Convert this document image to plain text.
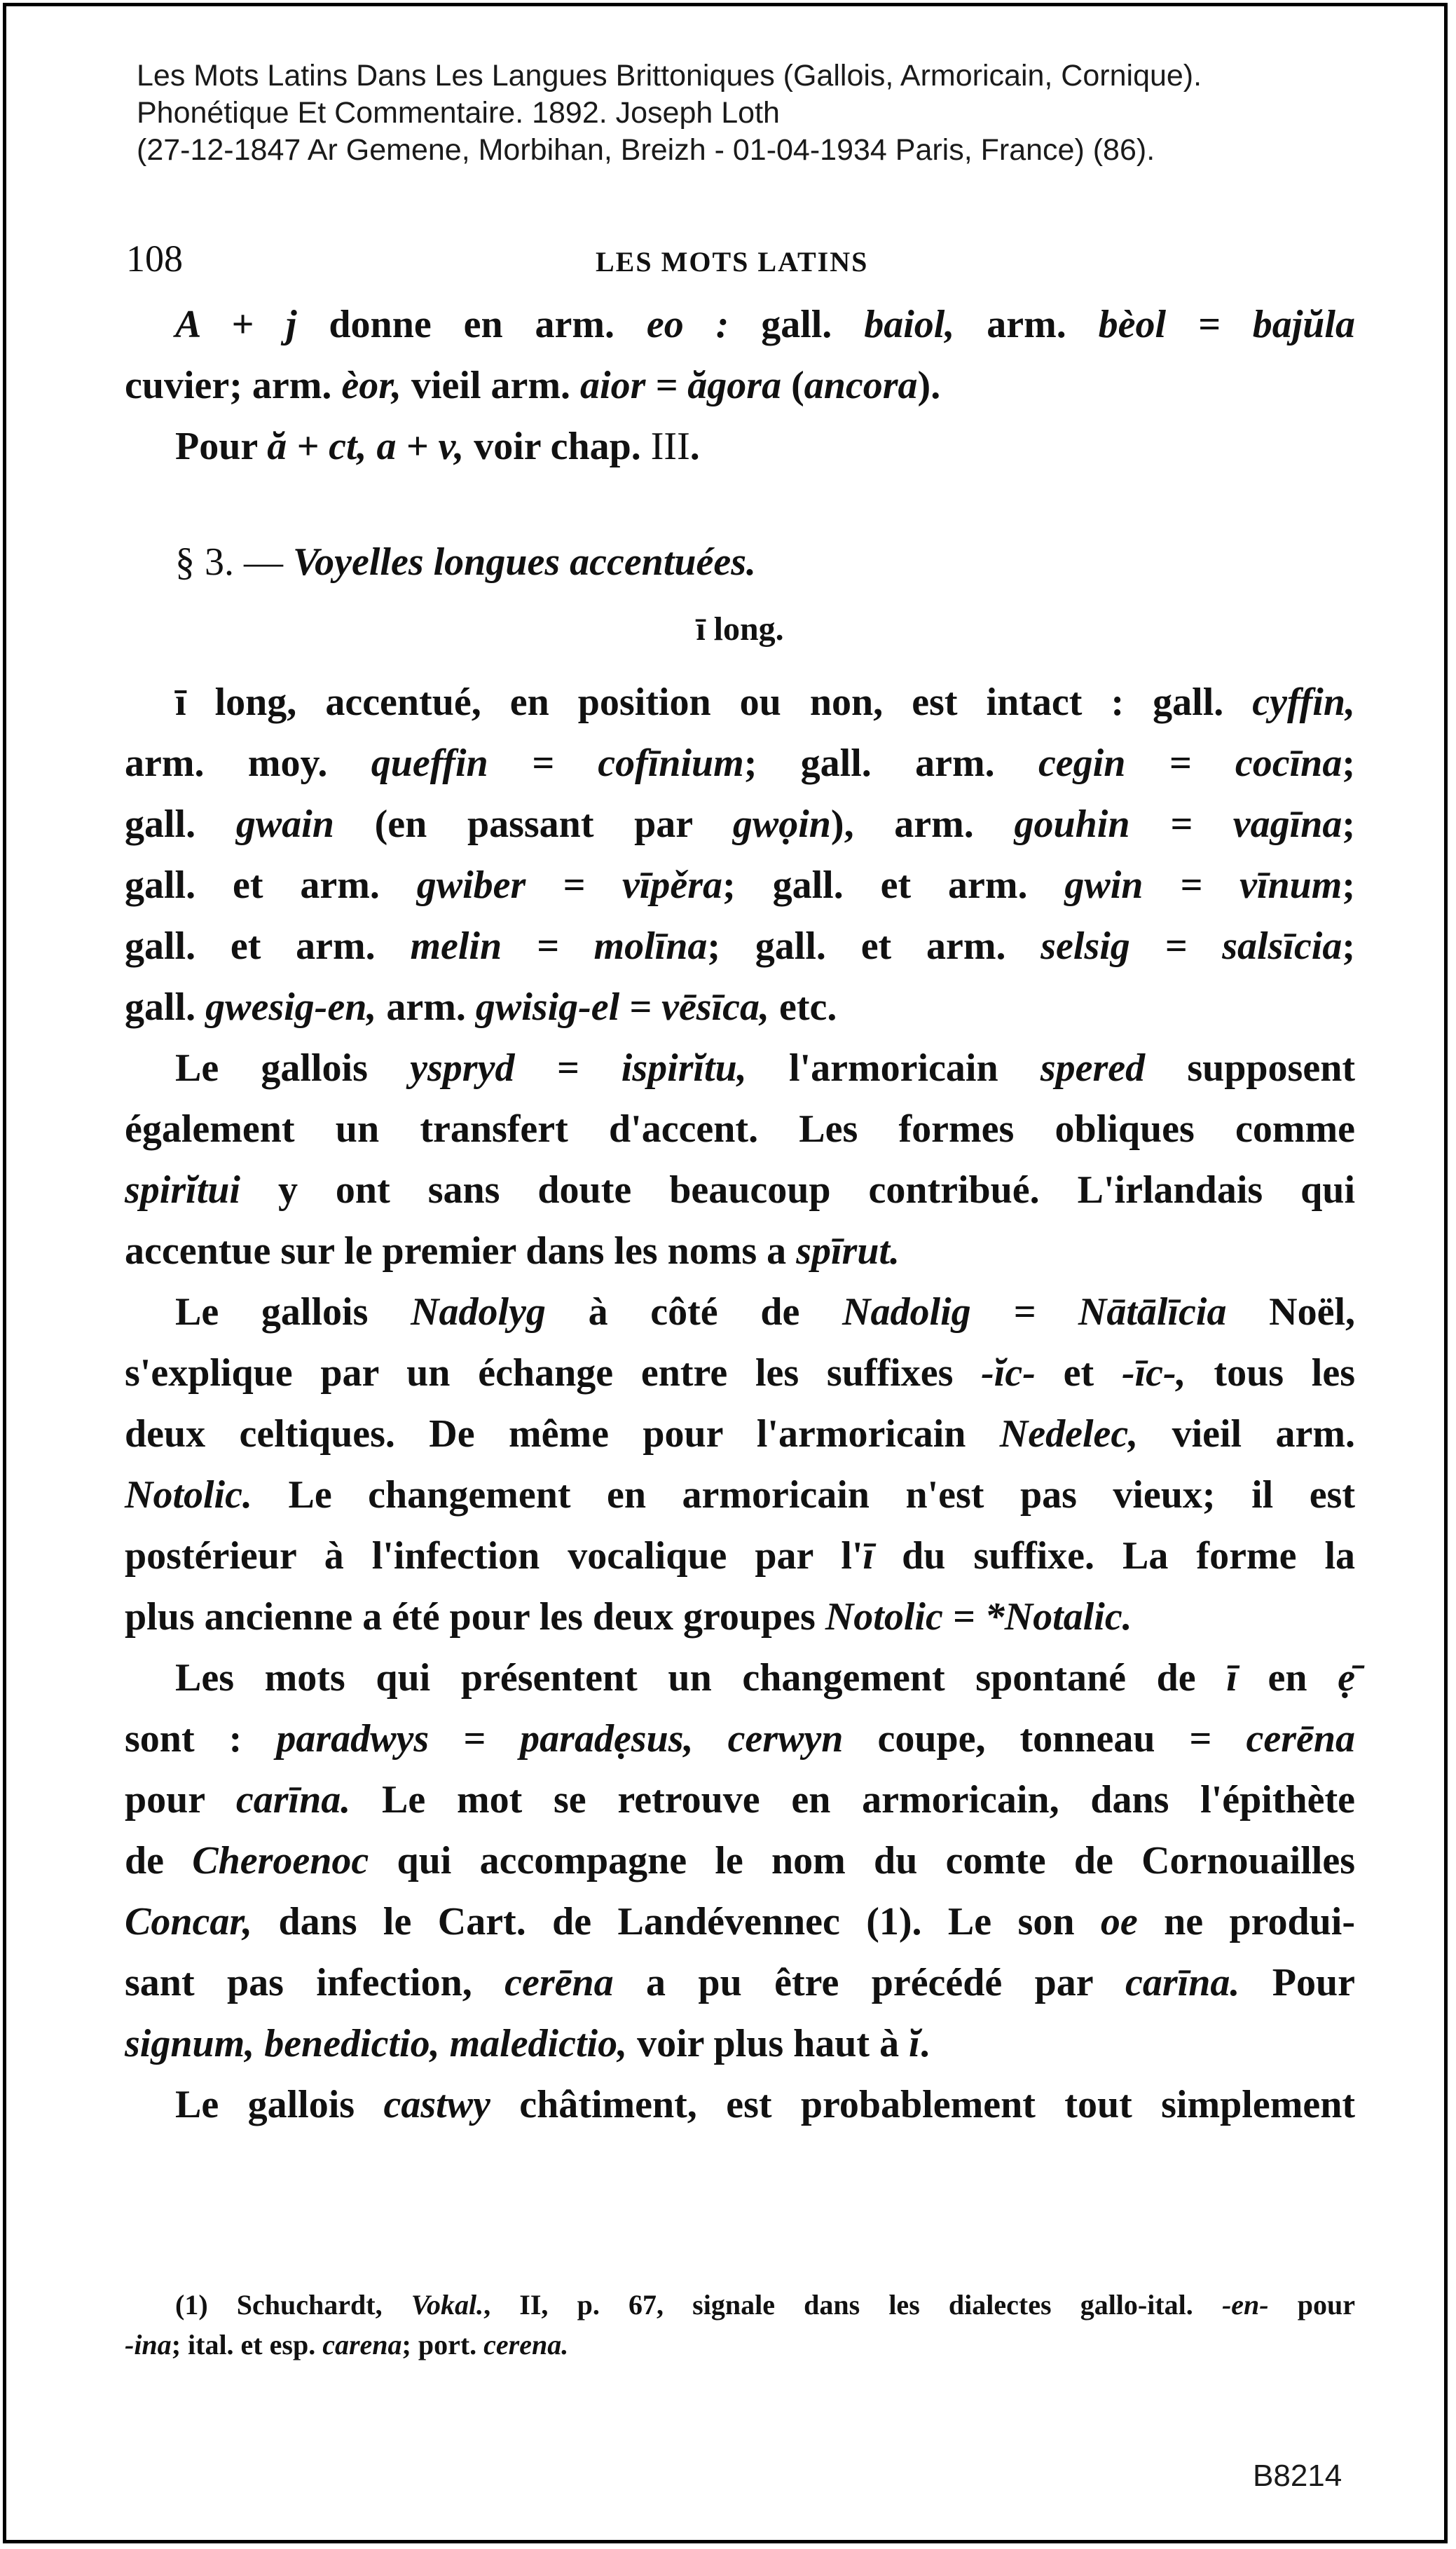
Les Mots Latins Dans Les Langues Brittoniques (Gallois, Armoricain, Cornique).
Phonétique Et Commentaire. 1892. Joseph Loth
(27-12-1847 Ar Gemene, Morbihan, Breizh - 01-04-1934 Paris, France) (86).
108	LES MOTS LATINS
A + j donne en arm. eo : gall. baiol, arm. bèol = bajŭla
cuvier; arm. èor, vieil arm. aior = ăgora (ancora).
Pour ă + ct, a + v, voir chap. III.
§ 3. — Voyelles longues accentuées.
ī long.
ī long, accentué, en position ou non, est intact : gall. cyffin,
arm. moy. queffin = cofīnium; gall. arm. cegin = cocīna;
gall. gwain (en passant par gwọin), arm. gouhin = vagīna;
gall. et arm. gwiber = vīpěra; gall. et arm. gwin = vīnum;
gall. et arm. melin = molīna; gall. et arm. selsig = salsīcia;
gall. gwesig-en, arm. gwisig-el = vēsīca, etc.
Le gallois yspryd = ispirĭtu, l'armoricain spered supposent
également un transfert d'accent. Les formes obliques comme
spirĭtui y ont sans doute beaucoup contribué. L'irlandais qui
accentue sur le premier dans les noms a spīrut.
Le gallois Nadolyg à côté de Nadolig = Nātālīcia Noël,
s'explique par un échange entre les suffixes -ĭc- et -īc-, tous les
deux celtiques. De même pour l'armoricain Nedelec, vieil arm.
Notolic. Le changement en armoricain n'est pas vieux; il est
postérieur à l'infection vocalique par l'ī du suffixe. La forme la
plus ancienne a été pour les deux groupes Notolic = *Notalic.
Les mots qui présentent un changement spontané de ī en ẹ̄
sont : paradwys = paradẹsus, cerwyn coupe, tonneau = cerēna
pour carīna. Le mot se retrouve en armoricain, dans l'épithète
de Cheroenoc qui accompagne le nom du comte de Cornouailles
Concar, dans le Cart. de Landévennec (1). Le son oe ne produi-
sant pas infection, cerēna a pu être précédé par carīna. Pour
signum, benedictio, maledictio, voir plus haut à ĭ.
Le gallois castwy châtiment, est probablement tout simplement
(1) Schuchardt, Vokal., II, p. 67, signale dans les dialectes gallo-ital. -en- pour
-ina; ital. et esp. carena; port. cerena.
B8214
